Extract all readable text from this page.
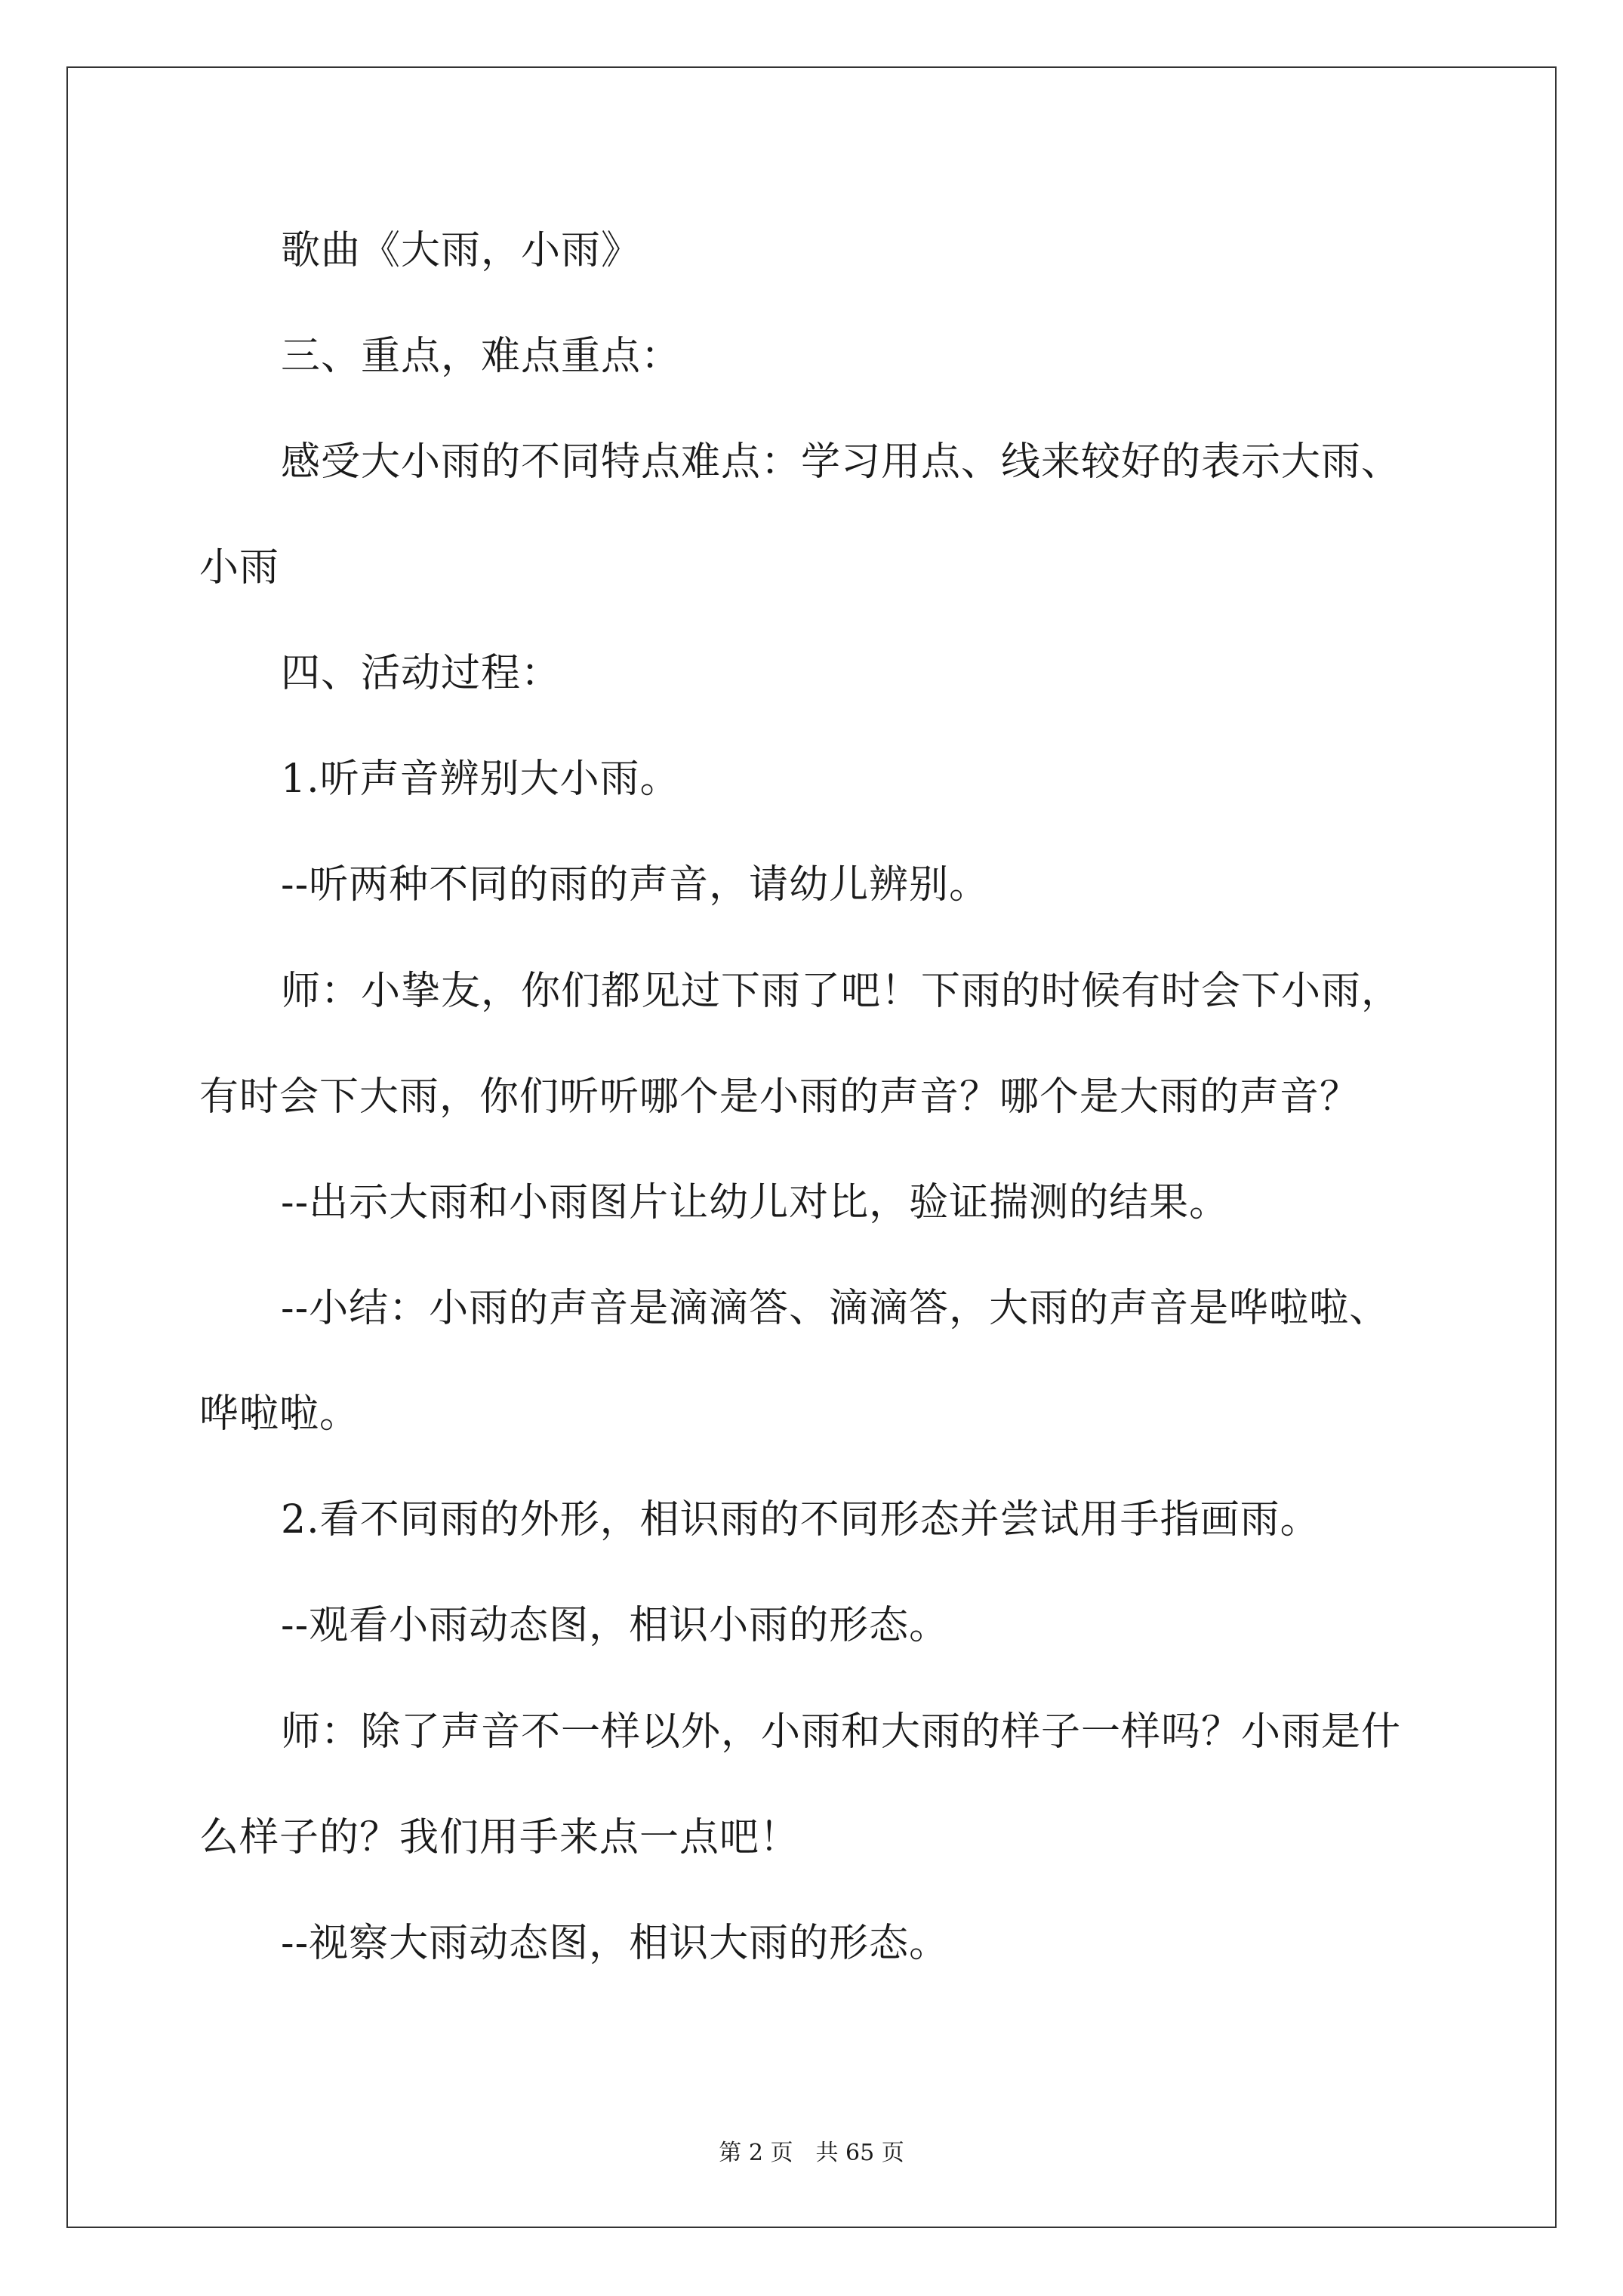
歌曲《大雨，小雨》
三、重点，难点重点：
感受大小雨的不同特点难点：学习用点、线来较好的表示大雨、
小雨
四、活动过程：
1.听声音辨别大小雨。
--听两种不同的雨的声音，请幼儿辨别。
师：小挚友，你们都见过下雨了吧！下雨的时候有时会下小雨，
有时会下大雨，你们听听哪个是小雨的声音？哪个是大雨的声音？
--出示大雨和小雨图片让幼儿对比，验证揣测的结果。
--小结：小雨的声音是滴滴答、滴滴答，大雨的声音是哗啦啦、
哗啦啦。
2.看不同雨的外形，相识雨的不同形态并尝试用手指画雨。
--观看小雨动态图，相识小雨的形态。
师：除了声音不一样以外，小雨和大雨的样子一样吗？小雨是什
么样子的？我们用手来点一点吧！
--视察大雨动态图，相识大雨的形态。
第 2 页　共 65 页
